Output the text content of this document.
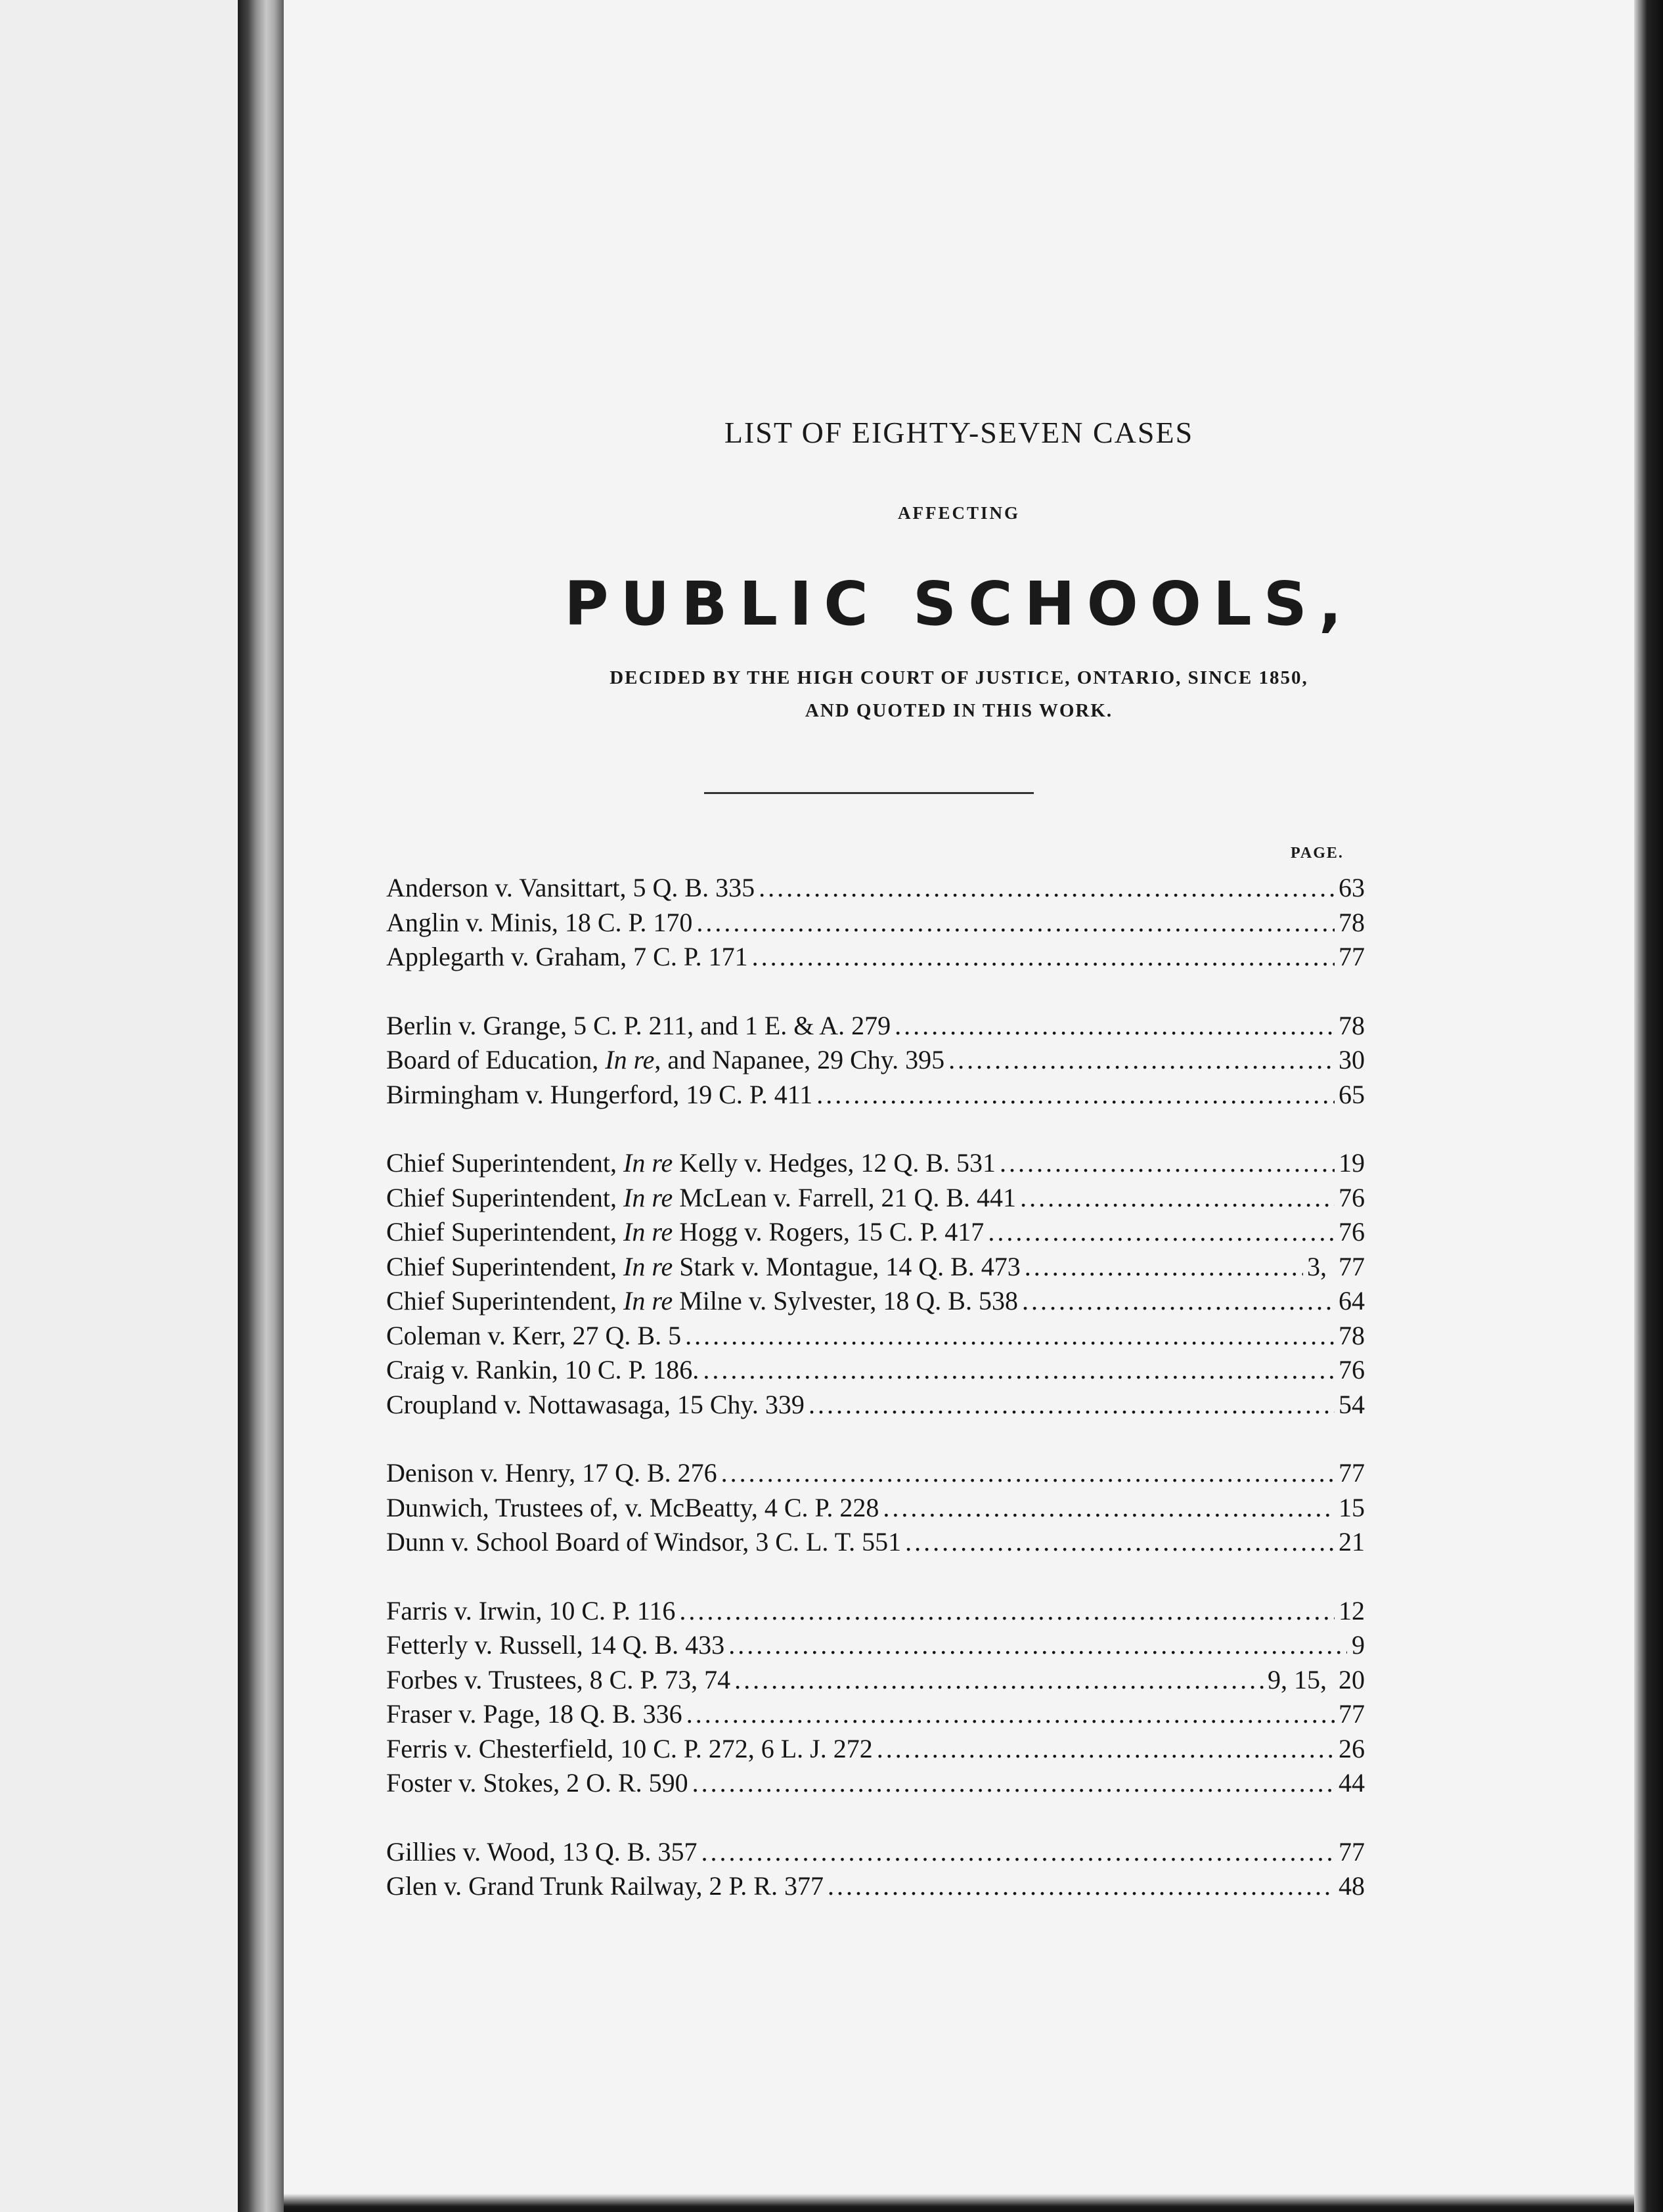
LIST OF EIGHTY-SEVEN CASES
AFFECTING
PUBLIC SCHOOLS,
DECIDED BY THE HIGH COURT OF JUSTICE, ONTARIO, SINCE 1850,
AND QUOTED IN THIS WORK.
PAGE.
Anderson v. Vansittart, 5 Q. B. 335 .....	63
Anglin v. Minis, 18 C. P. 170 .....	78
Applegarth v. Graham, 7 C. P. 171 .....	77
Berlin v. Grange, 5 C. P. 211, and 1 E. & A. 279 .....	78
Board of Education, In re, and Napanee, 29 Chy. 395 .....	30
Birmingham v. Hungerford, 19 C. P. 411 .....	65
Chief Superintendent, In re Kelly v. Hedges, 12 Q. B. 531 .....	19
Chief Superintendent, In re McLean v. Farrell, 21 Q. B. 441 .....	76
Chief Superintendent, In re Hogg v. Rogers, 15 C. P. 417 .....	76
Chief Superintendent, In re Stark v. Montague, 14 Q. B. 473 .....	3, 77
Chief Superintendent, In re Milne v. Sylvester, 18 Q. B. 538 .....	64
Coleman v. Kerr, 27 Q. B. 5 .....	78
Craig v. Rankin, 10 C. P. 186. .....	76
Croupland v. Nottawasaga, 15 Chy. 339 .....	54
Denison v. Henry, 17 Q. B. 276 .....	77
Dunwich, Trustees of, v. McBeatty, 4 C. P. 228 .....	15
Dunn v. School Board of Windsor, 3 C. L. T. 551 .....	21
Farris v. Irwin, 10 C. P. 116 .....	12
Fetterly v. Russell, 14 Q. B. 433 .....	9
Forbes v. Trustees, 8 C. P. 73, 74 .....	9, 15, 20
Fraser v. Page, 18 Q. B. 336 .....	77
Ferris v. Chesterfield, 10 C. P. 272, 6 L. J. 272 .....	26
Foster v. Stokes, 2 O. R. 590 .....	44
Gillies v. Wood, 13 Q. B. 357 .....	77
Glen v. Grand Trunk Railway, 2 P. R. 377 .....	48
